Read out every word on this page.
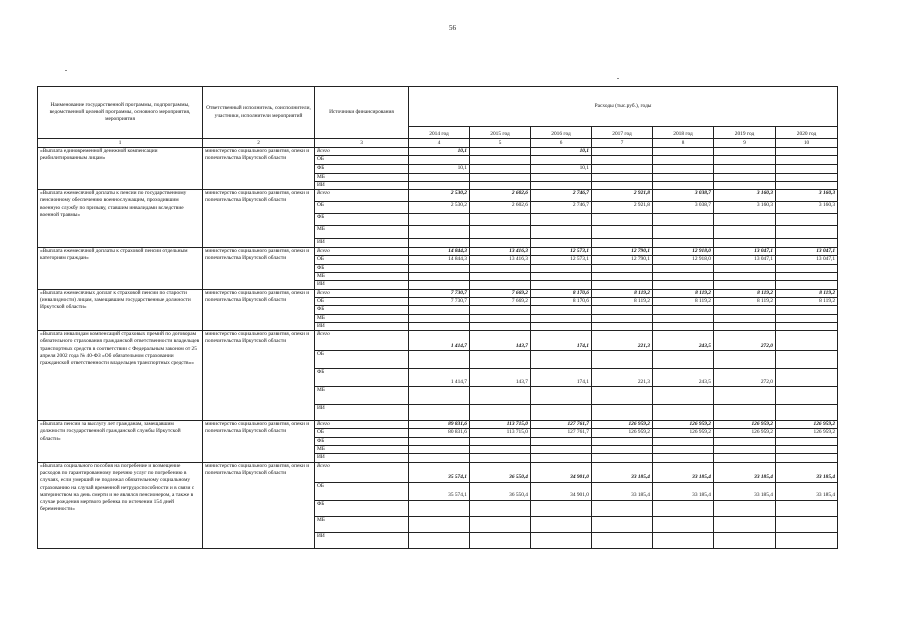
56
Наименование государственной программы, подпрограммы, ведомственной целевой программы, основного мероприятия, мероприятия	Ответственный исполнитель, соисполнители, участники, исполнители мероприятий	Источники финансирования	Расходы (тыс.руб.), годы						
			2014 год	2015 год	2016 год	2017 год	2018 год	2019 год	2020 год
1	2	3	4	5	6	7	8	9	10
«Выплата единовременной денежной компенсации реабилитированным лицам»	министерство социального развития, опеки и попечительства Иркутской области	Всего	10,1		10,1				
		ОБ							
		ФБ	10,1		10,1				
		МБ							
		ИИ							
«Выплата ежемесячной доплаты к пенсии по государственному пенсионному обеспечению военнослужащим, проходившим военную службу по призыву, ставшим инвалидами вследствие военной травмы»	министерство социального развития, опеки и попечительства Иркутской области	Всего	2 530,2	2 602,6	2 746,7	2 921,8	3 038,7	3 160,3	3 160,3
		ОБ	2 530,2	2 602,6	2 746,7	2 921,8	3 038,7	3 160,3	3 160,3
		ФБ							
		МБ							
		ИИ							
«Выплата ежемесячной доплаты к страховой пенсии отдельным категориям граждан»	министерство социального развития, опеки и попечительства Иркутской области	Всего	14 844,3	13 416,3	12 573,1	12 790,1	12 918,0	13 047,1	13 047,1
		ОБ	14 844,3	13 416,3	12 573,1	12 790,1	12 918,0	13 047,1	13 047,1
		ФБ							
		МБ							
		ИИ							
«Выплата ежемесячных доплат к страховой пенсии по старости (инвалидности) лицам, замещавшим государственные должности Иркутской области»	министерство социального развития, опеки и попечительства Иркутской области	Всего	7 730,7	7 669,2	8 170,6	8 119,2	8 119,2	8 119,2	8 119,2
		ОБ	7 730,7	7 669,2	8 170,6	8 119,2	8 119,2	8 119,2	8 119,2
		ФБ							
		МБ							
		ИИ							
«Выплата инвалидам компенсаций страховых премий по договорам обязательного страхования гражданской ответственности владельцев транспортных средств в соответствии с Федеральным законом от 25 апреля 2002 года № 40-ФЗ «Об обязательном страховании гражданской ответственности владельцев транспортных средств»»	министерство социального развития, опеки и попечительства Иркутской области	Всего	1 414,7	143,7	174,1	221,3	243,5	272,0	
		ОБ							
		ФБ	1 414,7	143,7	174,1	221,3	243,5	272,0	
		МБ							
		ИИ							
«Выплата пенсии за выслугу лет гражданам, замещавшим должности государственной гражданской службы Иркутской области»	министерство социального развития, опеки и попечительства Иркутской области	Всего	89 831,6	113 715,0	127 761,7	126 959,2	126 959,2	126 959,2	126 959,2
		ОБ	80 831,6	113 715,0	127 761,7	126 959,2	126 959,2	126 959,2	126 959,2
		ФБ							
		МБ							
		ИИ							
«Выплата социального пособия на погребение и возмещение расходов по гарантированному перечню услуг по погребению в случаях, если умерший не подлежал обязательному социальному страхованию на случай временной нетрудоспособности и в связи с материнством на день смерти и не являлся пенсионером, а также в случае рождения мертвого ребенка по истечении 154 дней беременности»	министерство социального развития, опеки и попечительства Иркутской области	Всего	35 574,1	36 550,4	34 901,0	33 185,4	33 185,4	33 185,4	33 185,4
		ОБ	35 574,1	36 550,4	34 901,0	33 185,4	33 185,4	33 185,4	33 185,4
		ФБ							
		МБ							
		ИИ							
